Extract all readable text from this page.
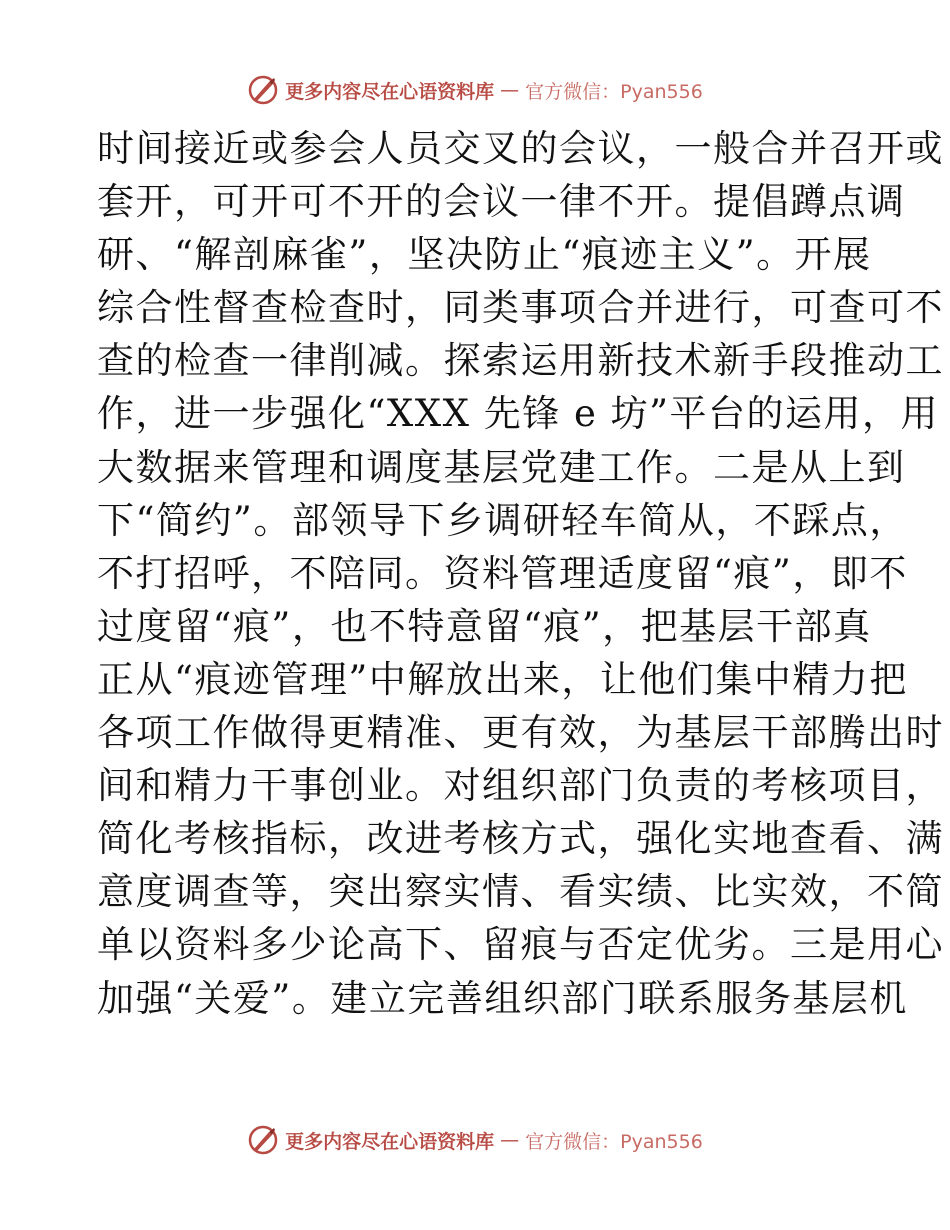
更多内容尽在心语资料库 — 官方微信：Pyan556
时间接近或参会人员交叉的会议，一般合并召开或
套开，可开可不开的会议一律不开。提倡蹲点调
研、“解剖麻雀”，坚决防止“痕迹主义”。开展
综合性督查检查时，同类事项合并进行，可查可不
查的检查一律削减。探索运用新技术新手段推动工
作，进一步强化“XXX 先锋 e 坊”平台的运用，用
大数据来管理和调度基层党建工作。二是从上到
下“简约”。部领导下乡调研轻车简从，不踩点，
不打招呼，不陪同。资料管理适度留“痕”，即不
过度留“痕”，也不特意留“痕”，把基层干部真
正从“痕迹管理”中解放出来，让他们集中精力把
各项工作做得更精准、更有效，为基层干部腾出时
间和精力干事创业。对组织部门负责的考核项目，
简化考核指标，改进考核方式，强化实地查看、满
意度调查等，突出察实情、看实绩、比实效，不简
单以资料多少论高下、留痕与否定优劣。三是用心
加强“关爱”。建立完善组织部门联系服务基层机
更多内容尽在心语资料库 — 官方微信：Pyan556
